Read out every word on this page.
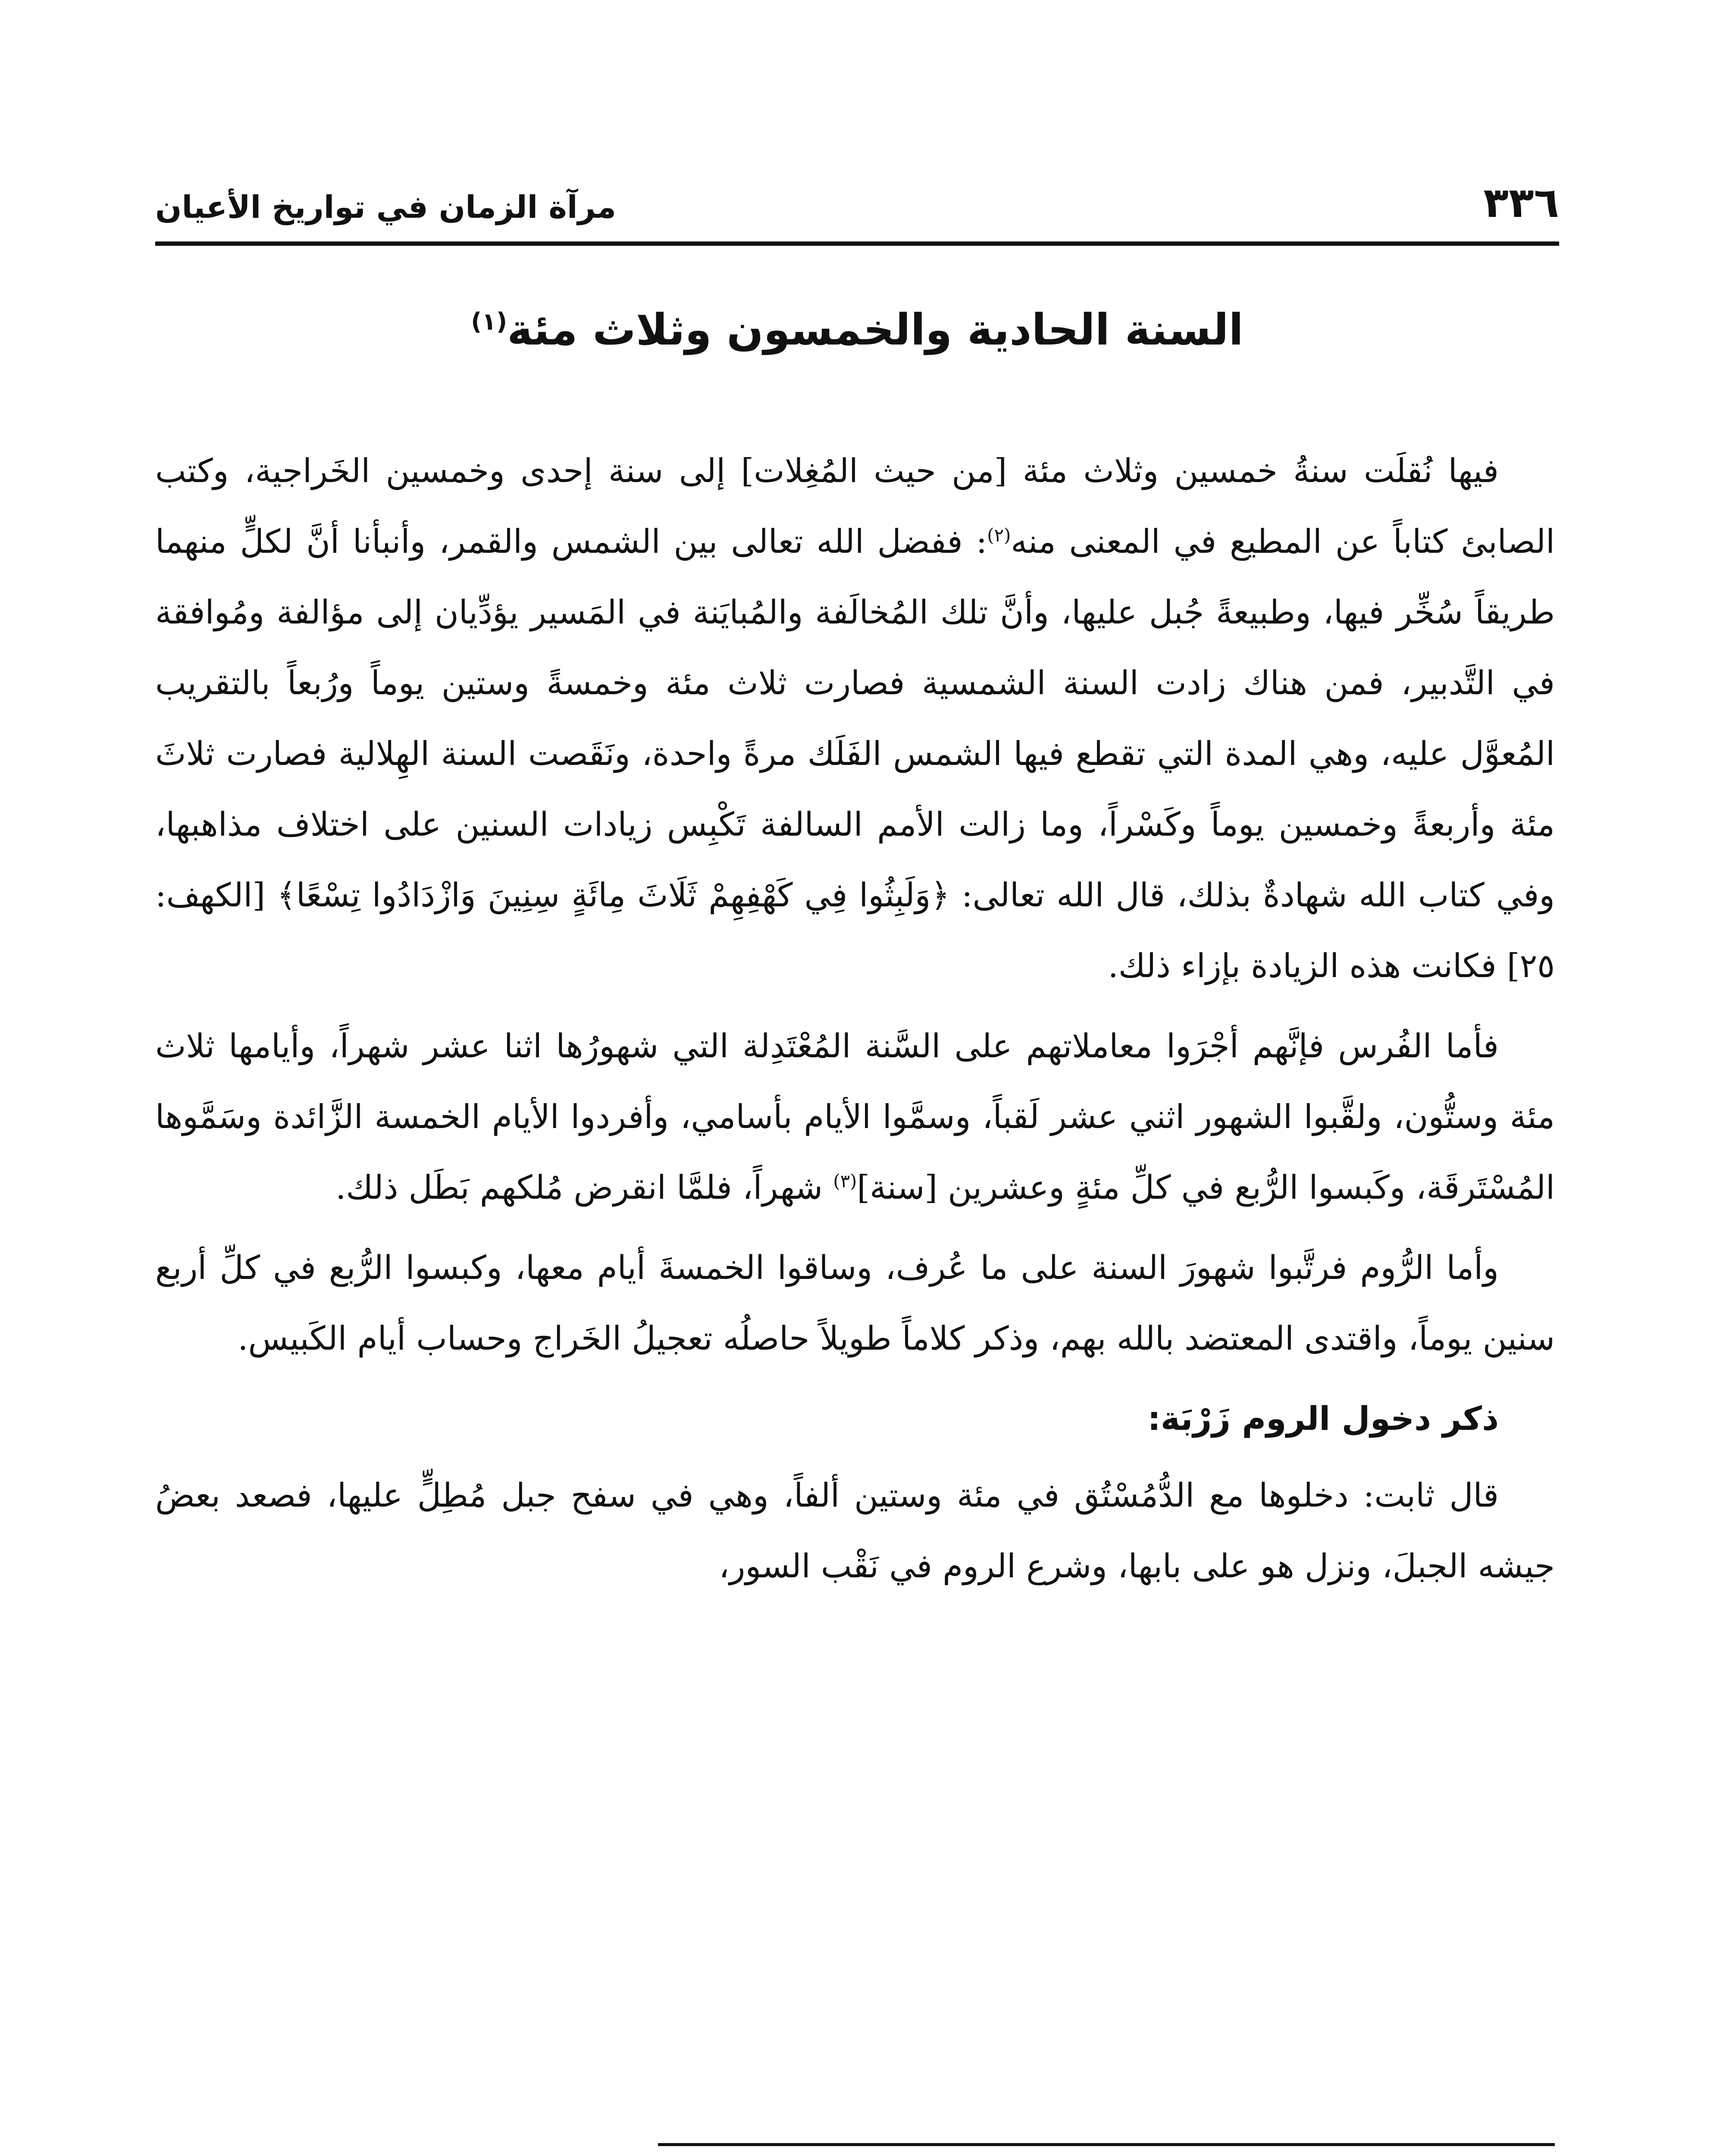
٣٣٦
مرآة الزمان في تواريخ الأعيان
السنة الحادية والخمسون وثلاث مئة$^{(١)}$

فيها نُقلَت سنةُ خمسين وثلاث مئة [من حيث المُغِلات] إلى سنة إحدى وخمسين الخَراجية، وكتب الصابئ كتاباً عن المطيع في المعنى منه$^{(٢)}$: ففضل الله تعالى بين الشمس والقمر، وأنبأنا أنَّ لكلٍّ منهما طريقاً سُخِّر فيها، وطبيعةً جُبل عليها، وأنَّ تلك المُخالَفة والمُبايَنة في المَسير يؤدِّيان إلى مؤالفة ومُوافقة في التَّدبير، فمن هناك زادت السنة الشمسية فصارت ثلاث مئة وخمسةً وستين يوماً ورُبعاً بالتقريب المُعوَّل عليه، وهي المدة التي تقطع فيها الشمس الفَلَك مرةً واحدة، ونَقَصت السنة الهِلالية فصارت ثلاثَ مئة وأربعةً وخمسين يوماً وكَسْراً، وما زالت الأمم السالفة تَكْبِس زيادات السنين على اختلاف مذاهبها، وفي كتاب الله شهادةٌ بذلك، قال الله تعالى: ﴿وَلَبِثُوا فِي كَهْفِهِمْ ثَلَاثَ مِائَةٍ سِنِينَ وَازْدَادُوا تِسْعًا﴾ [الكهف: ٢٥] فكانت هذه الزيادة بإزاء ذلك.

فأما الفُرس فإنَّهم أجْرَوا معاملاتهم على السَّنة المُعْتَدِلة التي شهورُها اثنا عشر شهراً، وأيامها ثلاث مئة وستُّون، ولقَّبوا الشهور اثني عشر لَقباً، وسمَّوا الأيام بأسامي، وأفردوا الأيام الخمسة الزَّائدة وسَمَّوها المُسْتَرقَة، وكَبسوا الرُّبع في كلِّ مئةٍ وعشرين [سنة]$^{(٣)}$ شهراً، فلمَّا انقرض مُلكهم بَطَل ذلك.

وأما الرُّوم فرتَّبوا شهورَ السنة على ما عُرف، وساقوا الخمسةَ أيام معها، وكبسوا الرُّبع في كلِّ أربع سنين يوماً، واقتدى المعتضد بالله بهم، وذكر كلاماً طويلاً حاصلُه تعجيلُ الخَراج وحساب أيام الكَبيس.

ذكر دخول الروم زَرْبَة:

قال ثابت: دخلوها مع الدُّمُسْتُق في مئة وستين ألفاً، وهي في سفح جبل مُطِلٍّ عليها، فصعد بعضُ جيشه الجبلَ، ونزل هو على بابها، وشرع الروم في نَقْب السور،
